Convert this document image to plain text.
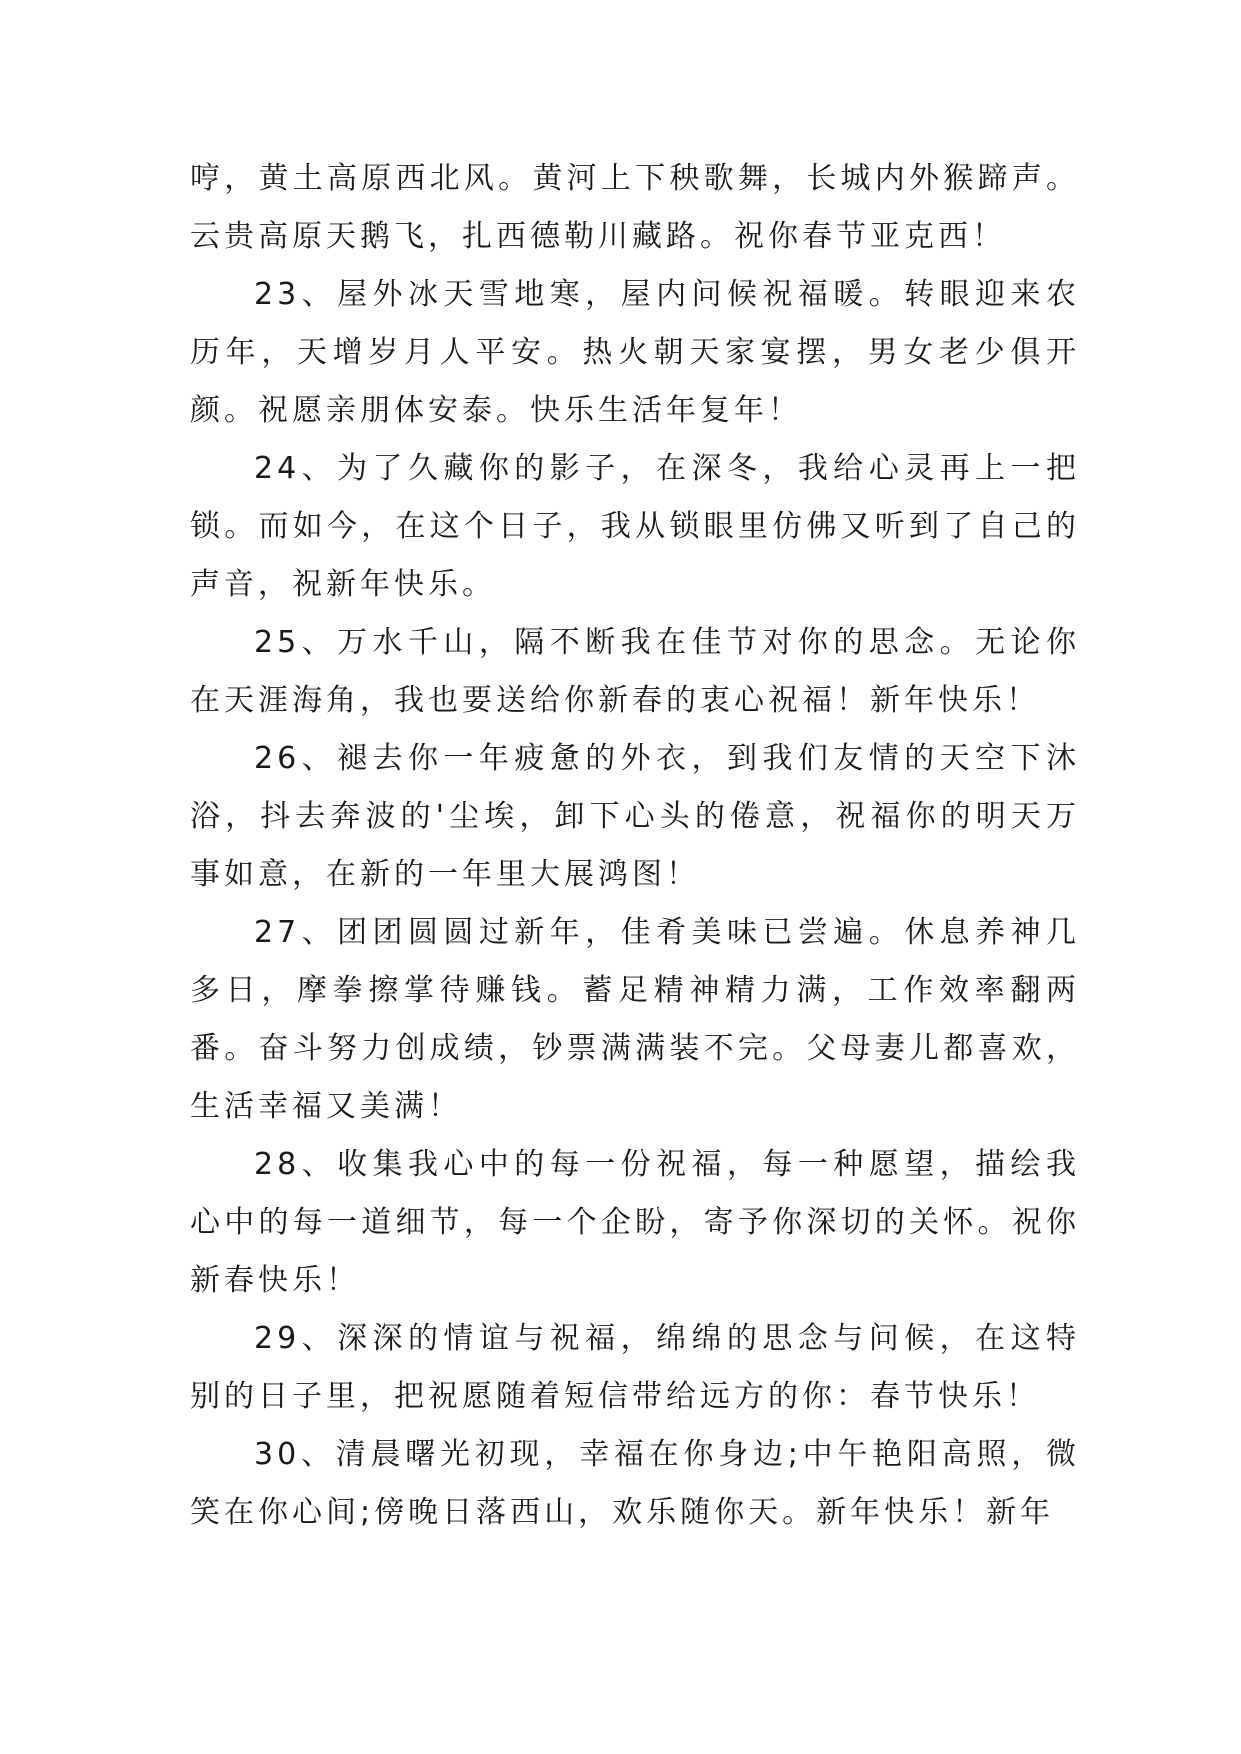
哼，黄土高原西北风。黄河上下秧歌舞，长城内外猴蹄声。云贵高原天鹅飞，扎西德勒川藏路。祝你春节亚克西！

23、屋外冰天雪地寒，屋内问候祝福暖。转眼迎来农历年，天增岁月人平安。热火朝天家宴摆，男女老少俱开颜。祝愿亲朋体安泰。快乐生活年复年！

24、为了久藏你的影子，在深冬，我给心灵再上一把锁。而如今，在这个日子，我从锁眼里仿佛又听到了自己的声音，祝新年快乐。

25、万水千山，隔不断我在佳节对你的思念。无论你在天涯海角，我也要送给你新春的衷心祝福！新年快乐！

26、褪去你一年疲惫的外衣，到我们友情的天空下沐浴，抖去奔波的'尘埃，卸下心头的倦意，祝福你的明天万事如意，在新的一年里大展鸿图！

27、团团圆圆过新年，佳肴美味已尝遍。休息养神几多日，摩拳擦掌待赚钱。蓄足精神精力满，工作效率翻两番。奋斗努力创成绩，钞票满满装不完。父母妻儿都喜欢，生活幸福又美满！

28、收集我心中的每一份祝福，每一种愿望，描绘我心中的每一道细节，每一个企盼，寄予你深切的关怀。祝你新春快乐！

29、深深的情谊与祝福，绵绵的思念与问候，在这特别的日子里，把祝愿随着短信带给远方的你：春节快乐！

30、清晨曙光初现，幸福在你身边;中午艳阳高照，微笑在你心间;傍晚日落西山，欢乐随你天。新年快乐！新年
